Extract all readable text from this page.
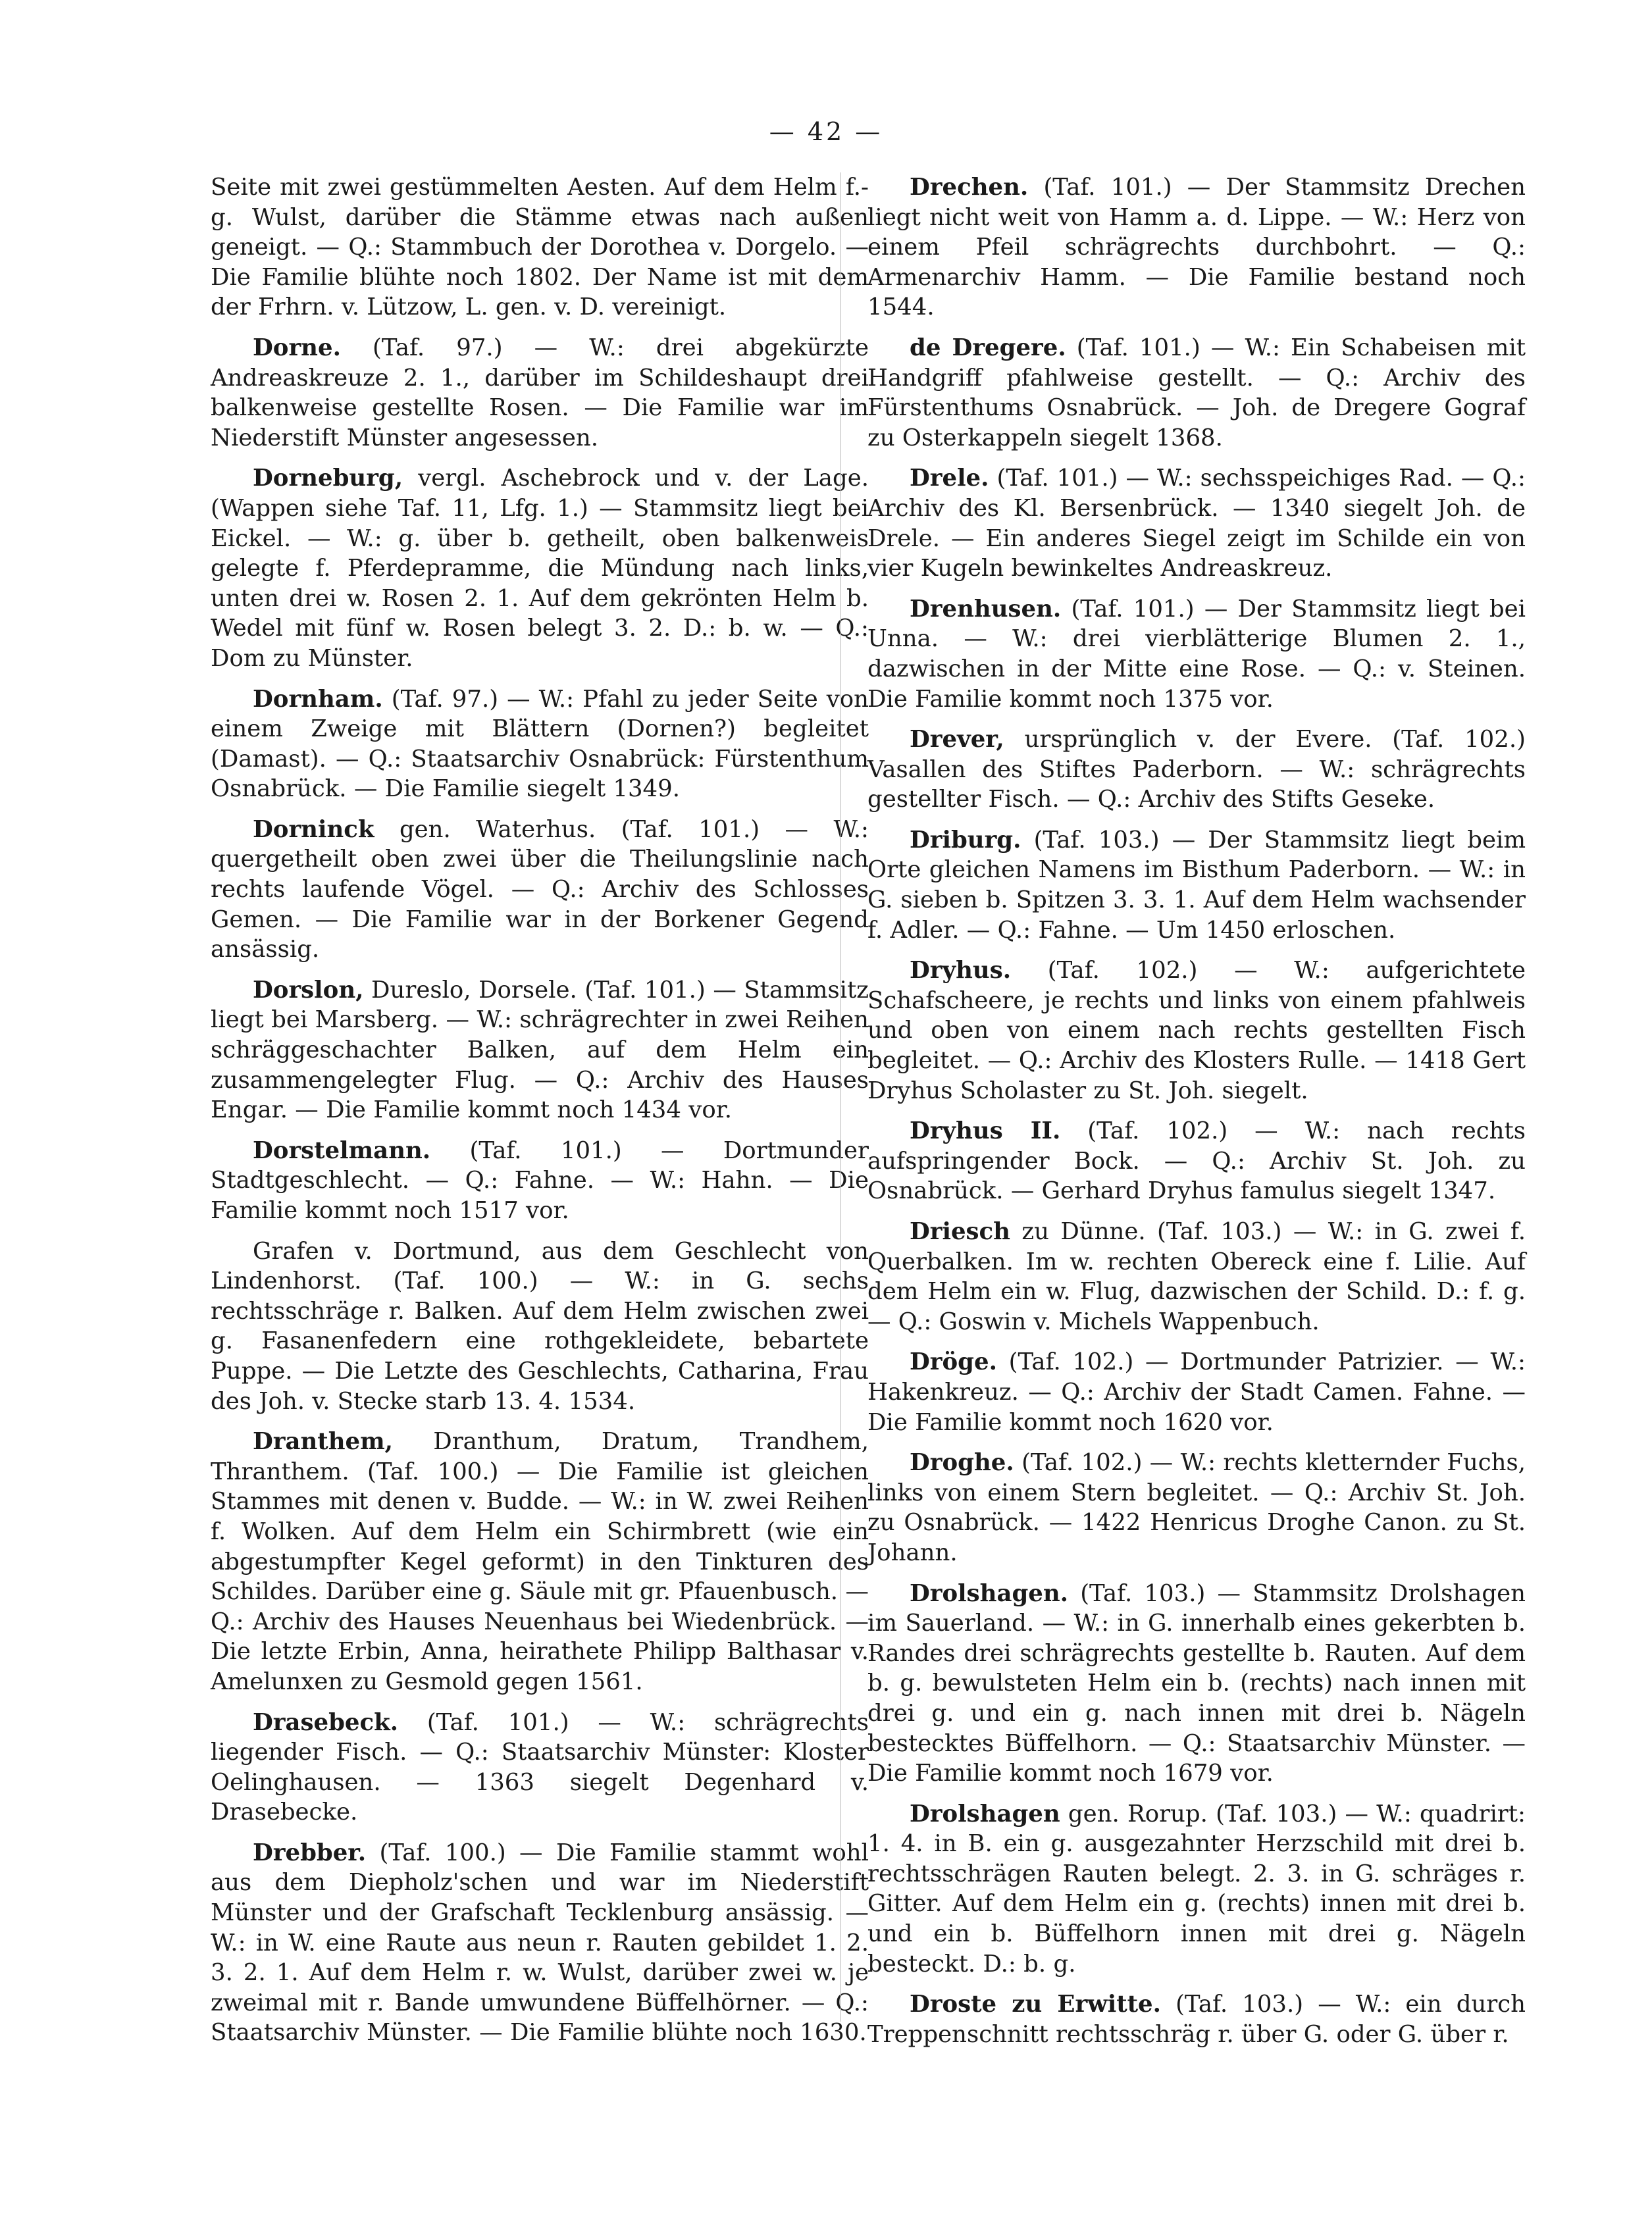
— 42 —

Seite mit zwei gestümmelten Aesten. Auf dem Helm f.-g. Wulst, darüber die Stämme etwas nach außen geneigt. — Q.: Stammbuch der Dorothea v. Dorgelo. — Die Familie blühte noch 1802. Der Name ist mit dem der Frhrn. v. Lützow, L. gen. v. D. vereinigt.

Dorne. (Taf. 97.) — W.: drei abgekürzte Andreaskreuze 2. 1., darüber im Schildeshaupt drei balkenweise gestellte Rosen. — Die Familie war im Niederstift Münster angesessen.

Dorneburg, vergl. Aschebrock und v. der Lage. (Wappen siehe Taf. 11, Lfg. 1.) — Stammsitz liegt bei Eickel. — W.: g. über b. getheilt, oben balkenweis gelegte f. Pferdepramme, die Mündung nach links, unten drei w. Rosen 2. 1. Auf dem gekrönten Helm b. Wedel mit fünf w. Rosen belegt 3. 2. D.: b. w. — Q.: Dom zu Münster.

Dornham. (Taf. 97.) — W.: Pfahl zu jeder Seite von einem Zweige mit Blättern (Dornen?) begleitet (Damast). — Q.: Staatsarchiv Osnabrück: Fürstenthum Osnabrück. — Die Familie siegelt 1349.

Dorninck gen. Waterhus. (Taf. 101.) — W.: quergetheilt oben zwei über die Theilungslinie nach rechts laufende Vögel. — Q.: Archiv des Schlosses Gemen. — Die Familie war in der Borkener Gegend ansässig.

Dorslon, Dureslo, Dorsele. (Taf. 101.) — Stammsitz liegt bei Marsberg. — W.: schrägrechter in zwei Reihen schräggeschachter Balken, auf dem Helm ein zusammengelegter Flug. — Q.: Archiv des Hauses Engar. — Die Familie kommt noch 1434 vor.

Dorstelmann. (Taf. 101.) — Dortmunder Stadtgeschlecht. — Q.: Fahne. — W.: Hahn. — Die Familie kommt noch 1517 vor.

Grafen v. Dortmund, aus dem Geschlecht von Lindenhorst. (Taf. 100.) — W.: in G. sechs rechtsschräge r. Balken. Auf dem Helm zwischen zwei g. Fasanenfedern eine rothgekleidete, bebartete Puppe. — Die Letzte des Geschlechts, Catharina, Frau des Joh. v. Stecke starb 13. 4. 1534.

Dranthem, Dranthum, Dratum, Trandhem, Thranthem. (Taf. 100.) — Die Familie ist gleichen Stammes mit denen v. Budde. — W.: in W. zwei Reihen f. Wolken. Auf dem Helm ein Schirmbrett (wie ein abgestumpfter Kegel geformt) in den Tinkturen des Schildes. Darüber eine g. Säule mit gr. Pfauenbusch. — Q.: Archiv des Hauses Neuenhaus bei Wiedenbrück. — Die letzte Erbin, Anna, heirathete Philipp Balthasar v. Amelunxen zu Gesmold gegen 1561.

Drasebeck. (Taf. 101.) — W.: schrägrechts liegender Fisch. — Q.: Staatsarchiv Münster: Kloster Oelinghausen. — 1363 siegelt Degenhard v. Drasebecke.

Drebber. (Taf. 100.) — Die Familie stammt wohl aus dem Diepholz'schen und war im Niederstift Münster und der Grafschaft Tecklenburg ansässig. — W.: in W. eine Raute aus neun r. Rauten gebildet 1. 2. 3. 2. 1. Auf dem Helm r. w. Wulst, darüber zwei w. je zweimal mit r. Bande umwundene Büffelhörner. — Q.: Staatsarchiv Münster. — Die Familie blühte noch 1630.

Drechen. (Taf. 101.) — Der Stammsitz Drechen liegt nicht weit von Hamm a. d. Lippe. — W.: Herz von einem Pfeil schrägrechts durchbohrt. — Q.: Armenarchiv Hamm. — Die Familie bestand noch 1544.

de Dregere. (Taf. 101.) — W.: Ein Schabeisen mit Handgriff pfahlweise gestellt. — Q.: Archiv des Fürstenthums Osnabrück. — Joh. de Dregere Gograf zu Osterkappeln siegelt 1368.

Drele. (Taf. 101.) — W.: sechsspeichiges Rad. — Q.: Archiv des Kl. Bersenbrück. — 1340 siegelt Joh. de Drele. — Ein anderes Siegel zeigt im Schilde ein von vier Kugeln bewinkeltes Andreaskreuz.

Drenhusen. (Taf. 101.) — Der Stammsitz liegt bei Unna. — W.: drei vierblätterige Blumen 2. 1., dazwischen in der Mitte eine Rose. — Q.: v. Steinen. Die Familie kommt noch 1375 vor.

Drever, ursprünglich v. der Evere. (Taf. 102.) Vasallen des Stiftes Paderborn. — W.: schrägrechts gestellter Fisch. — Q.: Archiv des Stifts Geseke.

Driburg. (Taf. 103.) — Der Stammsitz liegt beim Orte gleichen Namens im Bisthum Paderborn. — W.: in G. sieben b. Spitzen 3. 3. 1. Auf dem Helm wachsender f. Adler. — Q.: Fahne. — Um 1450 erloschen.

Dryhus. (Taf. 102.) — W.: aufgerichtete Schafscheere, je rechts und links von einem pfahlweis und oben von einem nach rechts gestellten Fisch begleitet. — Q.: Archiv des Klosters Rulle. — 1418 Gert Dryhus Scholaster zu St. Joh. siegelt.

Dryhus II. (Taf. 102.) — W.: nach rechts aufspringender Bock. — Q.: Archiv St. Joh. zu Osnabrück. — Gerhard Dryhus famulus siegelt 1347.

Driesch zu Dünne. (Taf. 103.) — W.: in G. zwei f. Querbalken. Im w. rechten Obereck eine f. Lilie. Auf dem Helm ein w. Flug, dazwischen der Schild. D.: f. g. — Q.: Goswin v. Michels Wappenbuch.

Dröge. (Taf. 102.) — Dortmunder Patrizier. — W.: Hakenkreuz. — Q.: Archiv der Stadt Camen. Fahne. — Die Familie kommt noch 1620 vor.

Droghe. (Taf. 102.) — W.: rechts kletternder Fuchs, links von einem Stern begleitet. — Q.: Archiv St. Joh. zu Osnabrück. — 1422 Henricus Droghe Canon. zu St. Johann.

Drolshagen. (Taf. 103.) — Stammsitz Drolshagen im Sauerland. — W.: in G. innerhalb eines gekerbten b. Randes drei schrägrechts gestellte b. Rauten. Auf dem b. g. bewulsteten Helm ein b. (rechts) nach innen mit drei g. und ein g. nach innen mit drei b. Nägeln bestecktes Büffelhorn. — Q.: Staatsarchiv Münster. — Die Familie kommt noch 1679 vor.

Drolshagen gen. Rorup. (Taf. 103.) — W.: quadrirt: 1. 4. in B. ein g. ausgezahnter Herzschild mit drei b. rechtsschrägen Rauten belegt. 2. 3. in G. schräges r. Gitter. Auf dem Helm ein g. (rechts) innen mit drei b. und ein b. Büffelhorn innen mit drei g. Nägeln besteckt. D.: b. g.

Droste zu Erwitte. (Taf. 103.) — W.: ein durch Treppenschnitt rechtsschräg r. über G. oder G. über r.
